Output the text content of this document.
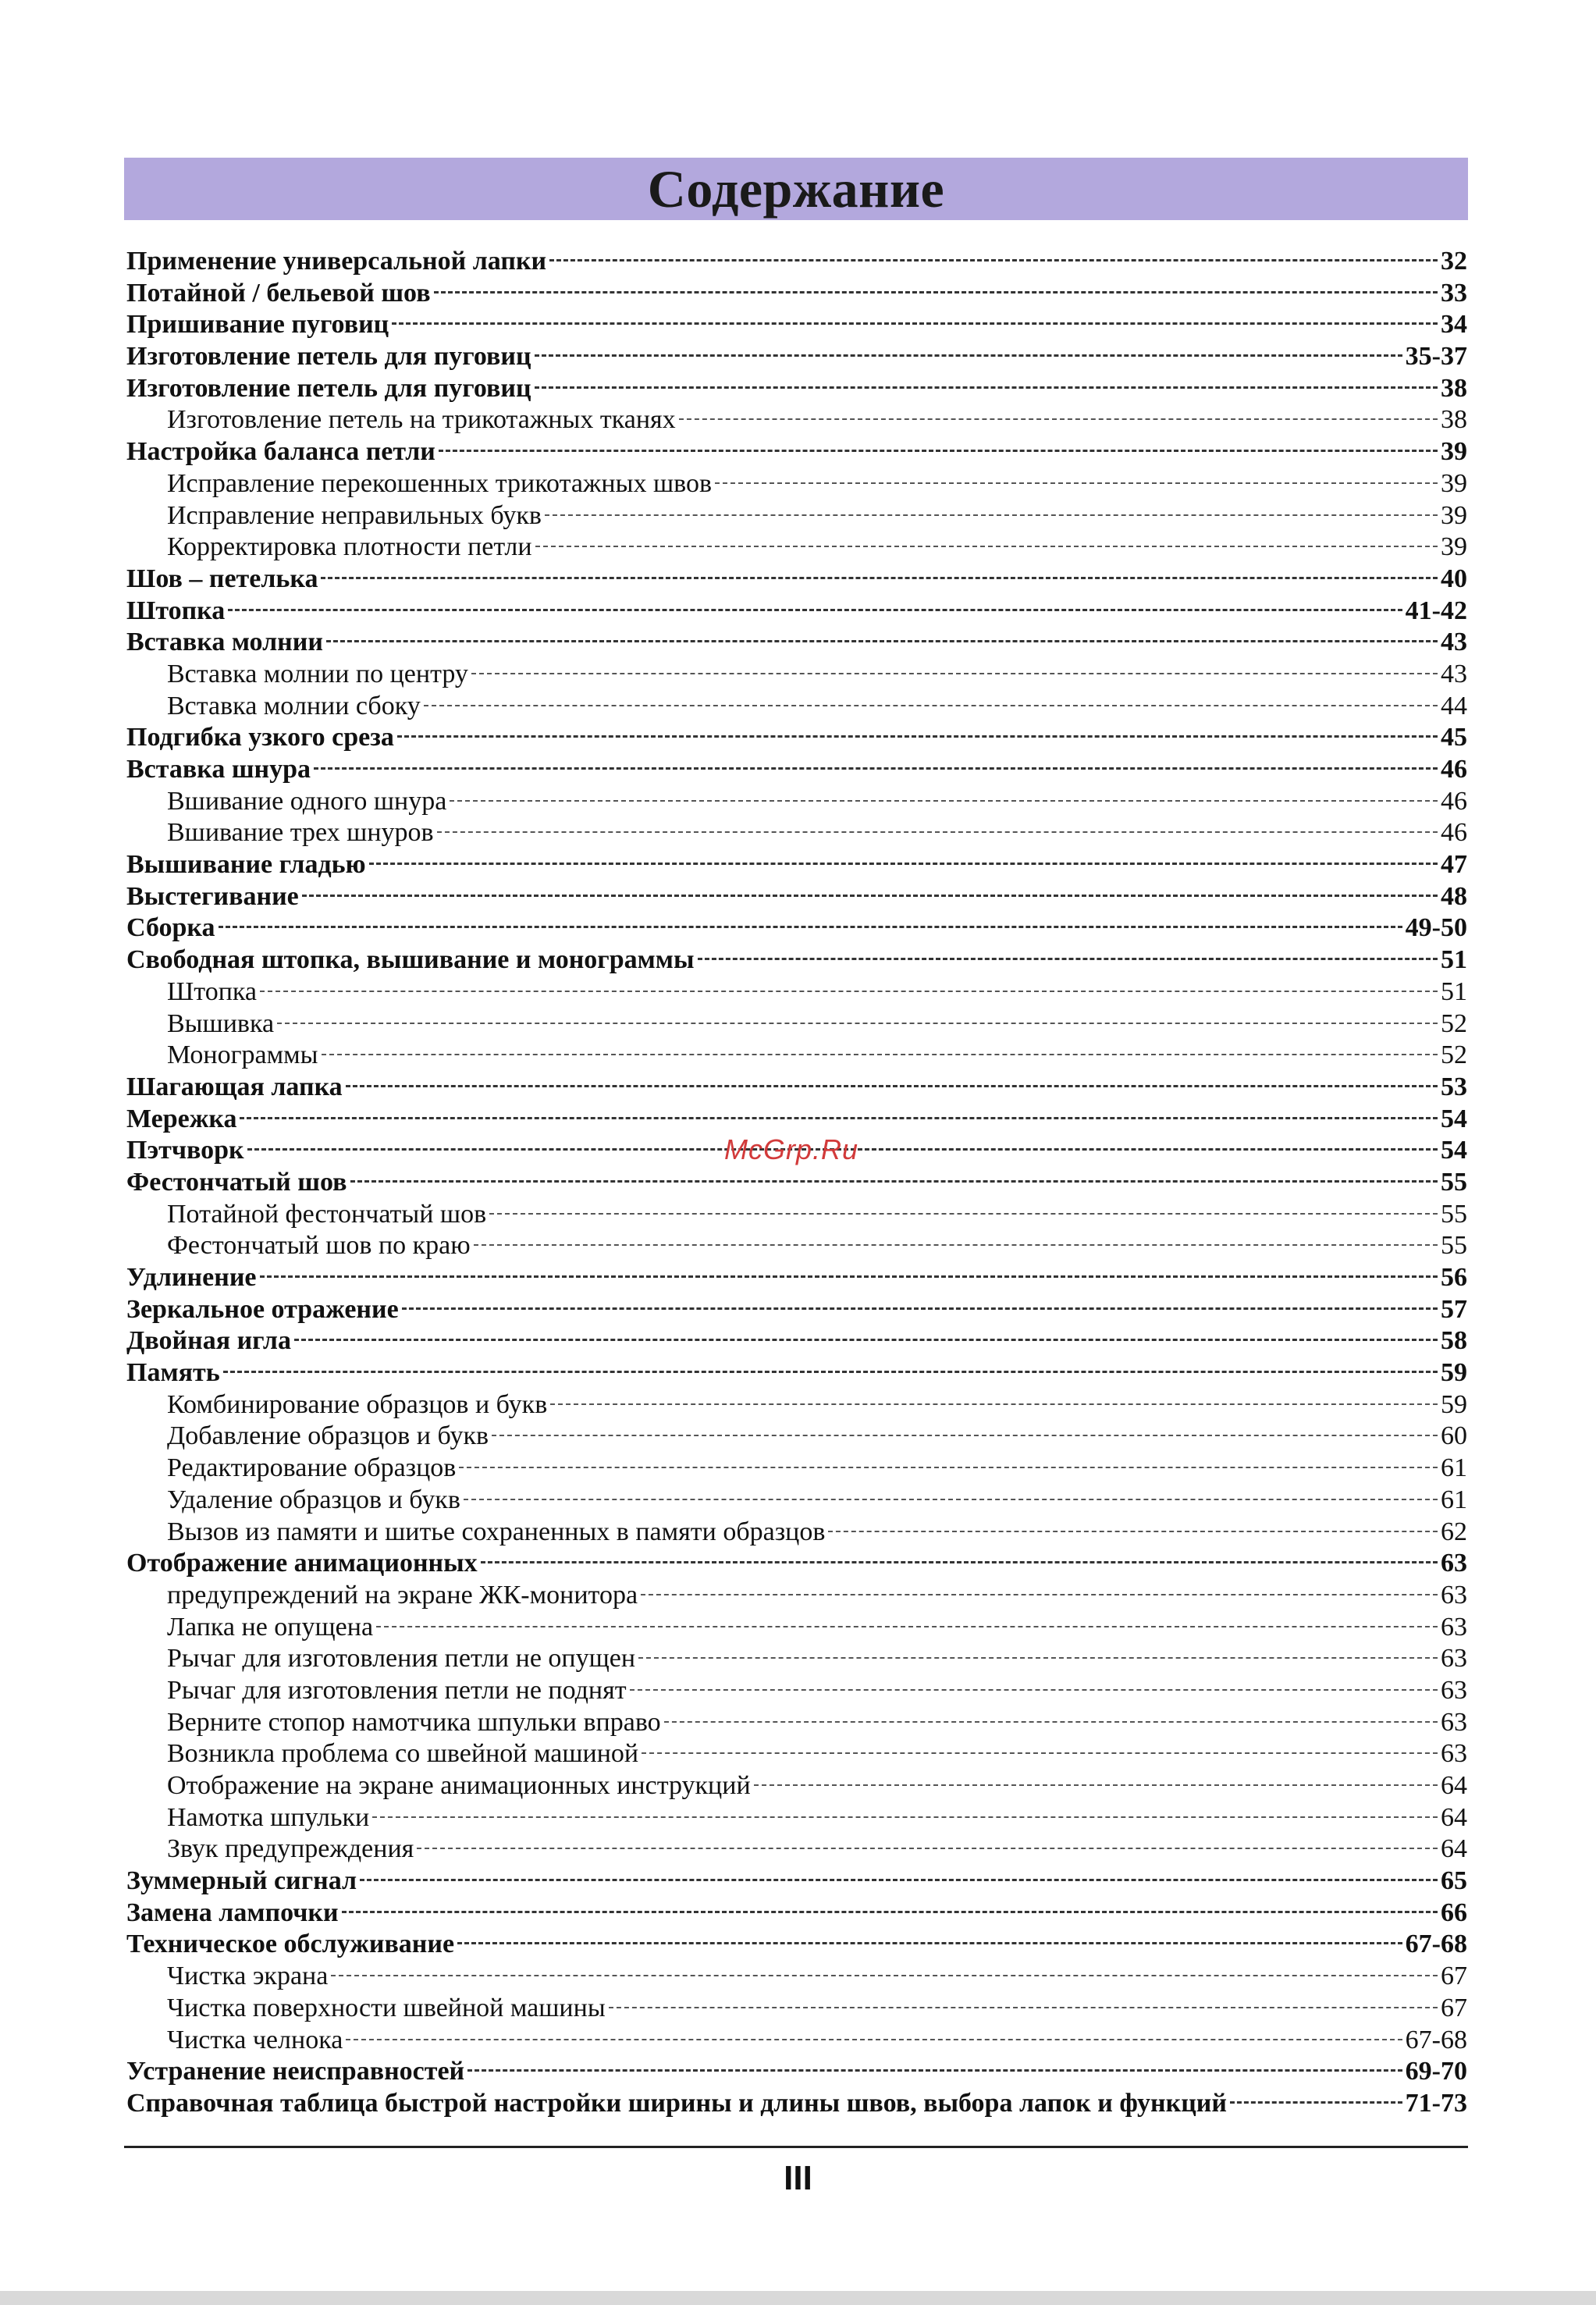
Содержание
Применение универсальной лапки	32
Потайной / бельевой шов	33
Пришивание пуговиц	34
Изготовление петель для пуговиц	35-37
Изготовление петель для пуговиц	38
Изготовление петель на трикотажных тканях	38
Настройка баланса петли	39
Исправление перекошенных трикотажных швов	39
Исправление неправильных букв	39
Корректировка плотности петли	39
Шов – петелька	40
Штопка	41-42
Вставка молнии	43
Вставка молнии по центру	43
Вставка молнии сбоку	44
Подгибка узкого среза	45
Вставка шнура	46
Вшивание одного шнура	46
Вшивание трех шнуров	46
Вышивание гладью	47
Выстегивание	48
Сборка	49-50
Свободная штопка, вышивание и монограммы	51
Штопка	51
Вышивка	52
Монограммы	52
Шагающая лапка	53
Мережка	54
Пэтчворк	54
Фестончатый шов	55
Потайной фестончатый шов	55
Фестончатый шов по краю	55
Удлинение	56
Зеркальное отражение	57
Двойная игла	58
Память	59
Комбинирование образцов и букв	59
Добавление образцов и букв	60
Редактирование образцов	61
Удаление образцов и букв	61
Вызов из памяти и шитье сохраненных в памяти образцов	62
Отображение анимационных	63
предупреждений на экране ЖК-монитора	63
Лапка не опущена	63
Рычаг для изготовления петли не опущен	63
Рычаг для изготовления петли не поднят	63
Верните стопор намотчика шпульки вправо	63
Возникла проблема со швейной машиной	63
Отображение на экране анимационных инструкций	64
Намотка шпульки	64
Звук предупреждения	64
Зуммерный сигнал	65
Замена лампочки	66
Техническое обслуживание	67-68
Чистка экрана	67
Чистка поверхности швейной машины	67
Чистка челнока	67-68
Устранение неисправностей	69-70
Справочная таблица быстрой настройки ширины и длины швов, выбора лапок и функций	71-73
McGrp.Ru
III
